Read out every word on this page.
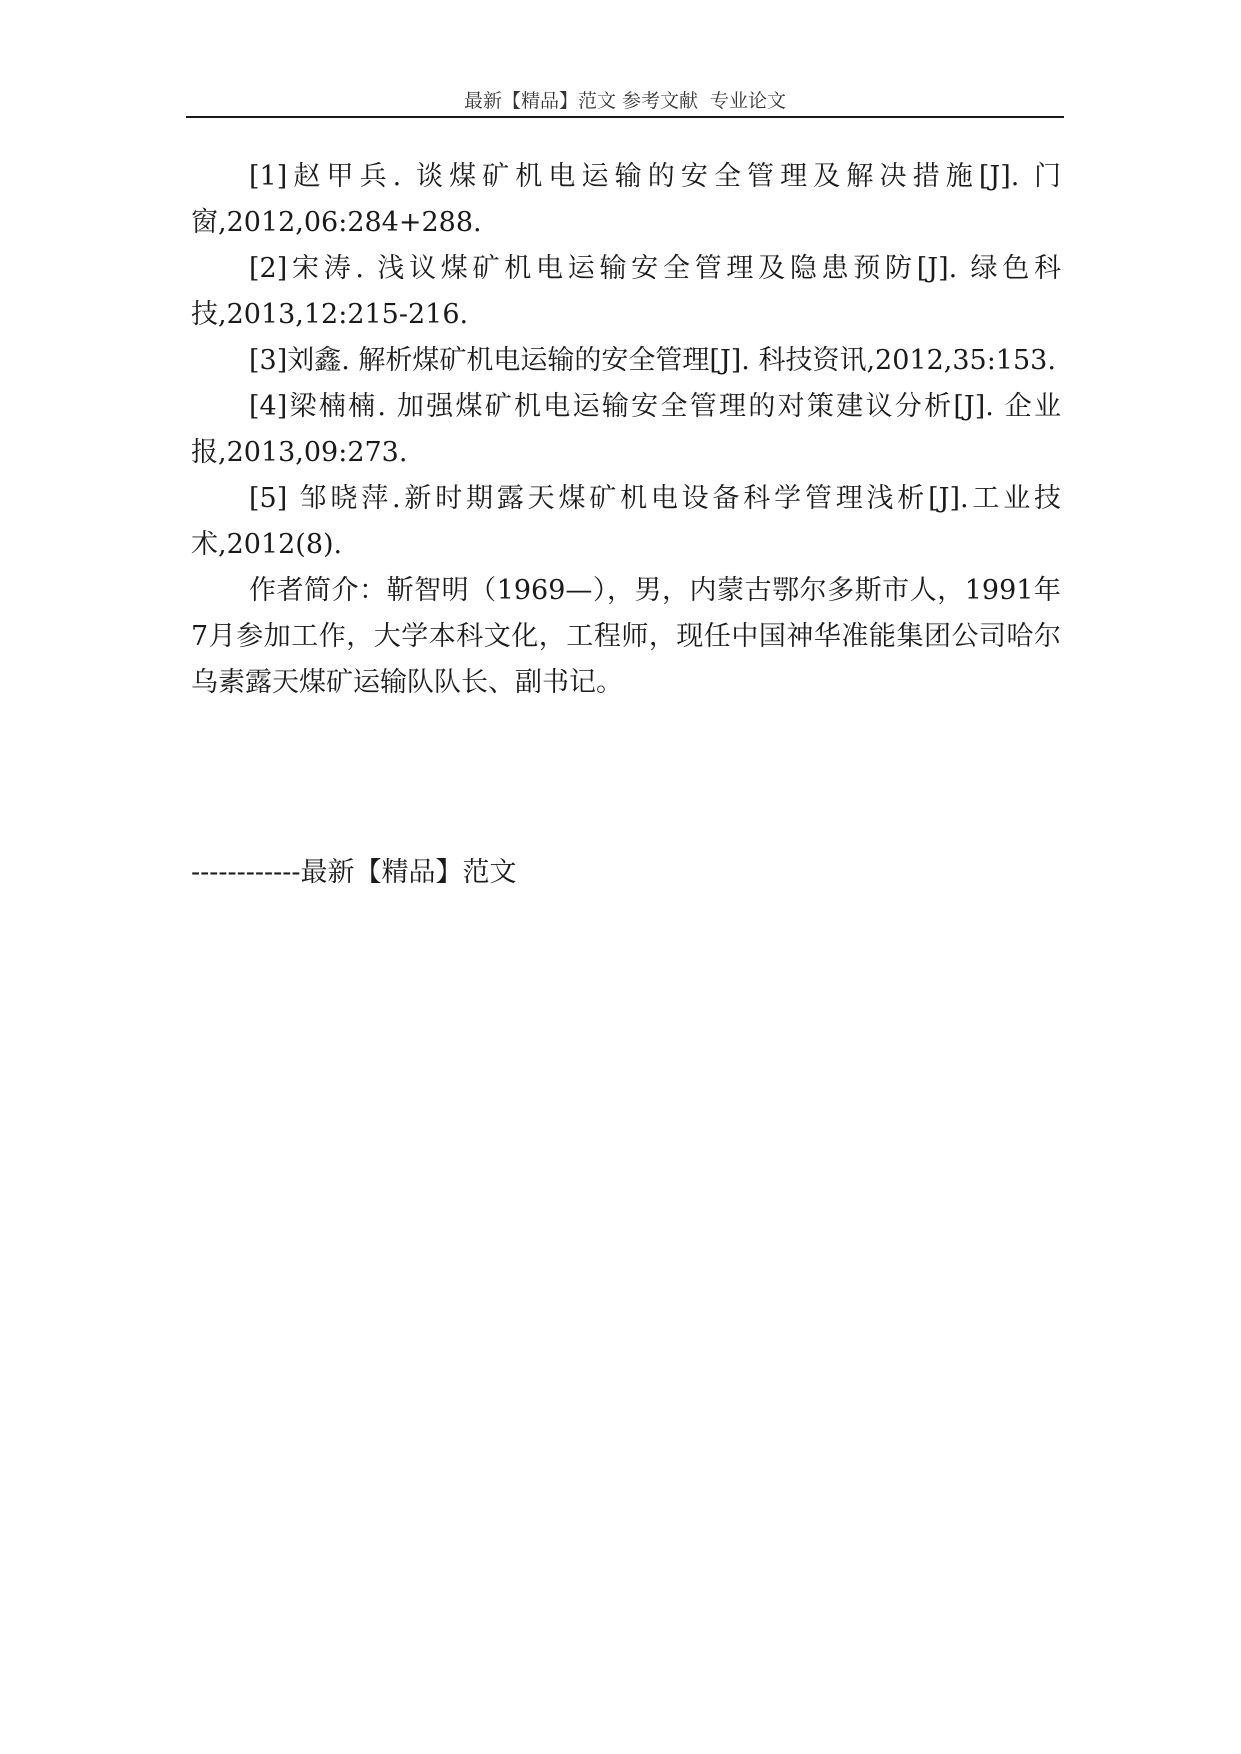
最新【精品】范文 参考文献  专业论文

[1]赵甲兵. 谈煤矿机电运输的安全管理及解决措施[J]. 门窗,2012,06:284+288.

[2]宋涛. 浅议煤矿机电运输安全管理及隐患预防[J]. 绿色科技,2013,12:215-216.

[3]刘鑫. 解析煤矿机电运输的安全管理[J]. 科技资讯,2012,35:153.

[4]梁楠楠. 加强煤矿机电运输安全管理的对策建议分析[J]. 企业报,2013,09:273.

[5] 邹晓萍.新时期露天煤矿机电设备科学管理浅析[J].工业技术,2012(8).

作者简介：靳智明（1969—），男，内蒙古鄂尔多斯市人，1991年7月参加工作，大学本科文化，工程师，现任中国神华准能集团公司哈尔乌素露天煤矿运输队队长、副书记。

------------最新【精品】范文
